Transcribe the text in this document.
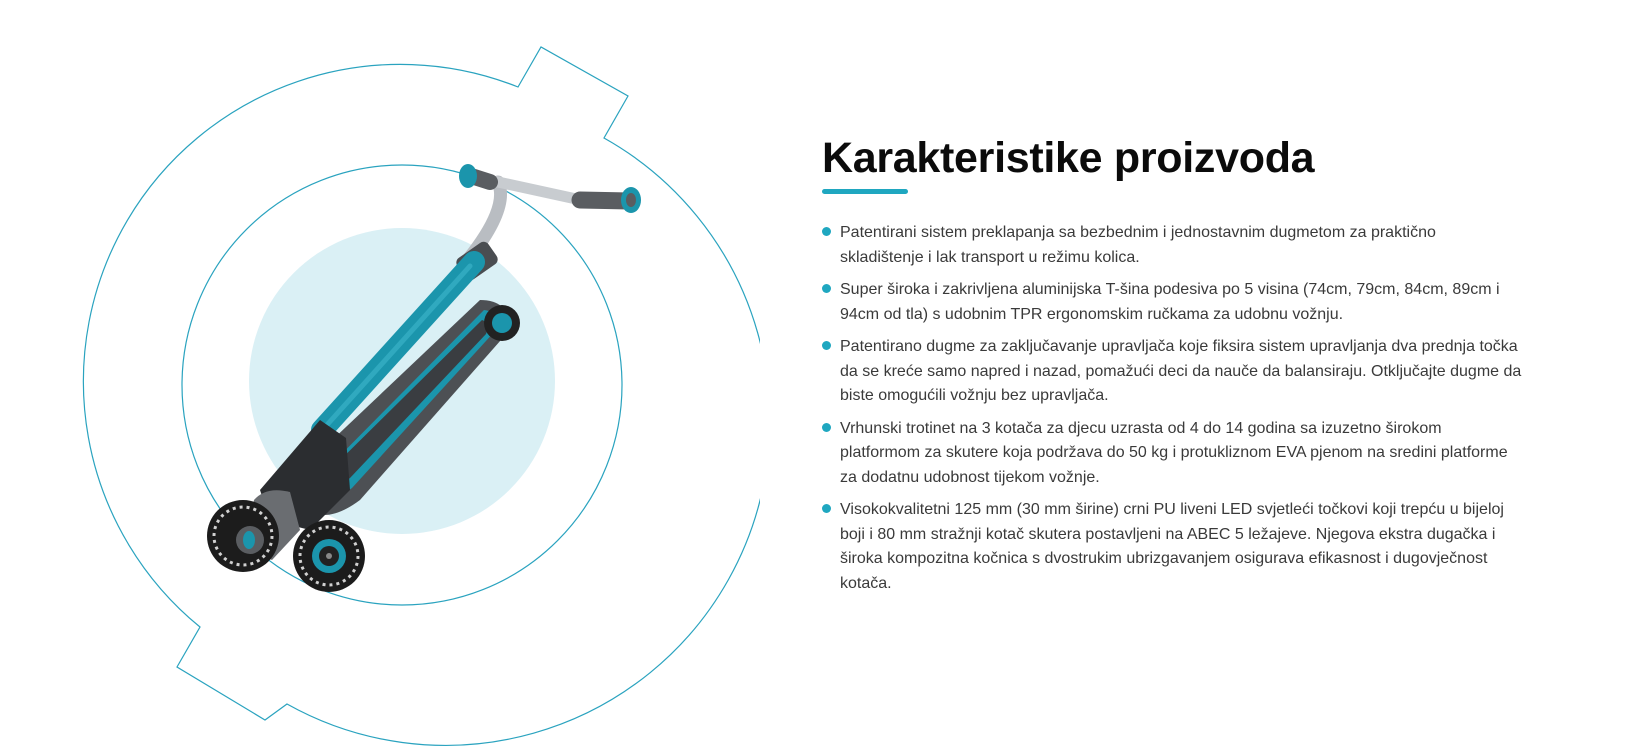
Karakteristike proizvoda
Patentirani sistem preklapanja sa bezbednim i jednostavnim dugmetom za praktično skladištenje i lak transport u režimu kolica.
Super široka i zakrivljena aluminijska T-šina podesiva po 5 visina (74cm, 79cm, 84cm, 89cm i 94cm od tla) s udobnim TPR ergonomskim ručkama za udobnu vožnju.
Patentirano dugme za zaključavanje upravljača koje fiksira sistem upravljanja dva prednja točka da se kreće samo napred i nazad, pomažući deci da nauče da balansiraju. Otključajte dugme da biste omogućili vožnju bez upravljača.
Vrhunski trotinet na 3 kotača za djecu uzrasta od 4 do 14 godina sa izuzetno širokom platformom za skutere koja podržava do 50 kg i protukliznom EVA pjenom na sredini platforme za dodatnu udobnost tijekom vožnje.
Visokokvalitetni 125 mm (30 mm širine) crni PU liveni LED svjetleći točkovi koji trepću u bijeloj boji i 80 mm stražnji kotač skutera postavljeni na ABEC 5 ležajeve. Njegova ekstra dugačka i široka kompozitna kočnica s dvostrukim ubrizgavanjem osigurava efikasnost i dugovječnost kotača.
